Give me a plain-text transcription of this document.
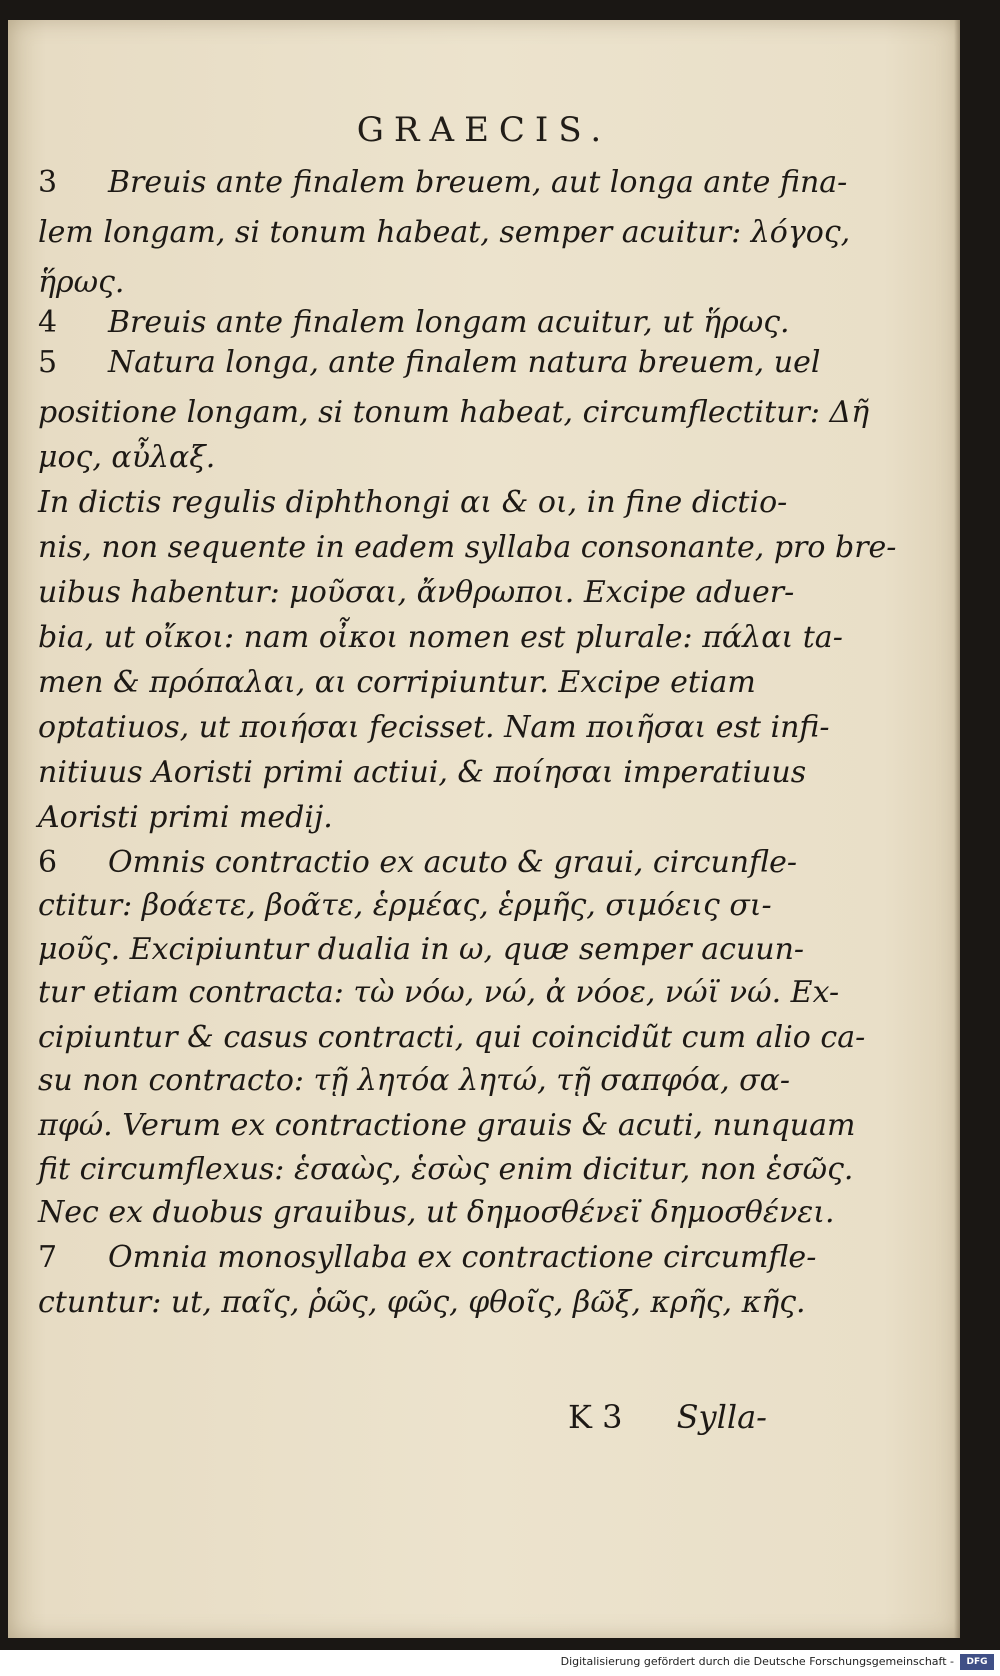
GRAECIS.
3 Breuis ante finalem breuem, aut longa ante fina-
lem longam, si tonum habeat, semper acuitur: λόγος,
ἥρως.
4 Breuis ante finalem longam acuitur, ut ἥρως.
5 Natura longa, ante finalem natura breuem, uel
positione longam, si tonum habeat, circumflectitur: Δῆ
μος, αὖλαξ.
In dictis regulis diphthongi αι & οι, in fine dictio-
nis, non sequente in eadem syllaba consonante, pro bre-
uibus habentur: μοῦσαι, ἄνθρωποι. Excipe aduer-
bia, ut οἴκοι: nam οἶκοι nomen est plurale: πάλαι ta-
men & πρόπαλαι, αι corripiuntur. Excipe etiam
optatiuos, ut ποιήσαι fecisset. Nam ποιῆσαι est infi-
nitiuus Aoristi primi actiui, & ποίησαι imperatiuus
Aoristi primi medij.
6 Omnis contractio ex acuto & graui, circunfle-
ctitur: βοάετε, βοᾶτε, ἑρμέας, ἑρμῆς, σιμόεις σι-
μοῦς. Excipiuntur dualia in ω, quæ semper acuun-
tur etiam contracta: τὼ νόω, νώ, ἀ νόοε, νώϊ νώ. Ex-
cipiuntur & casus contracti, qui coincidũt cum alio ca-
su non contracto: τῇ λητόα λητώ, τῇ σαπφόα, σα-
πφώ. Verum ex contractione grauis & acuti, nunquam
fit circumflexus: ἑσαὼς, ἑσὼς enim dicitur, non ἑσῶς.
Nec ex duobus grauibus, ut δημοσθένεϊ δημοσθένει.
7 Omnia monosyllaba ex contractione circumfle-
ctuntur: ut, παῖς, ῥῶς, φῶς, φθοῖς, βῶξ, κρῆς, κῆς.
K 3 Sylla-
Digitalisierung gefördert durch die Deutsche Forschungsgemeinschaft -	DFG
